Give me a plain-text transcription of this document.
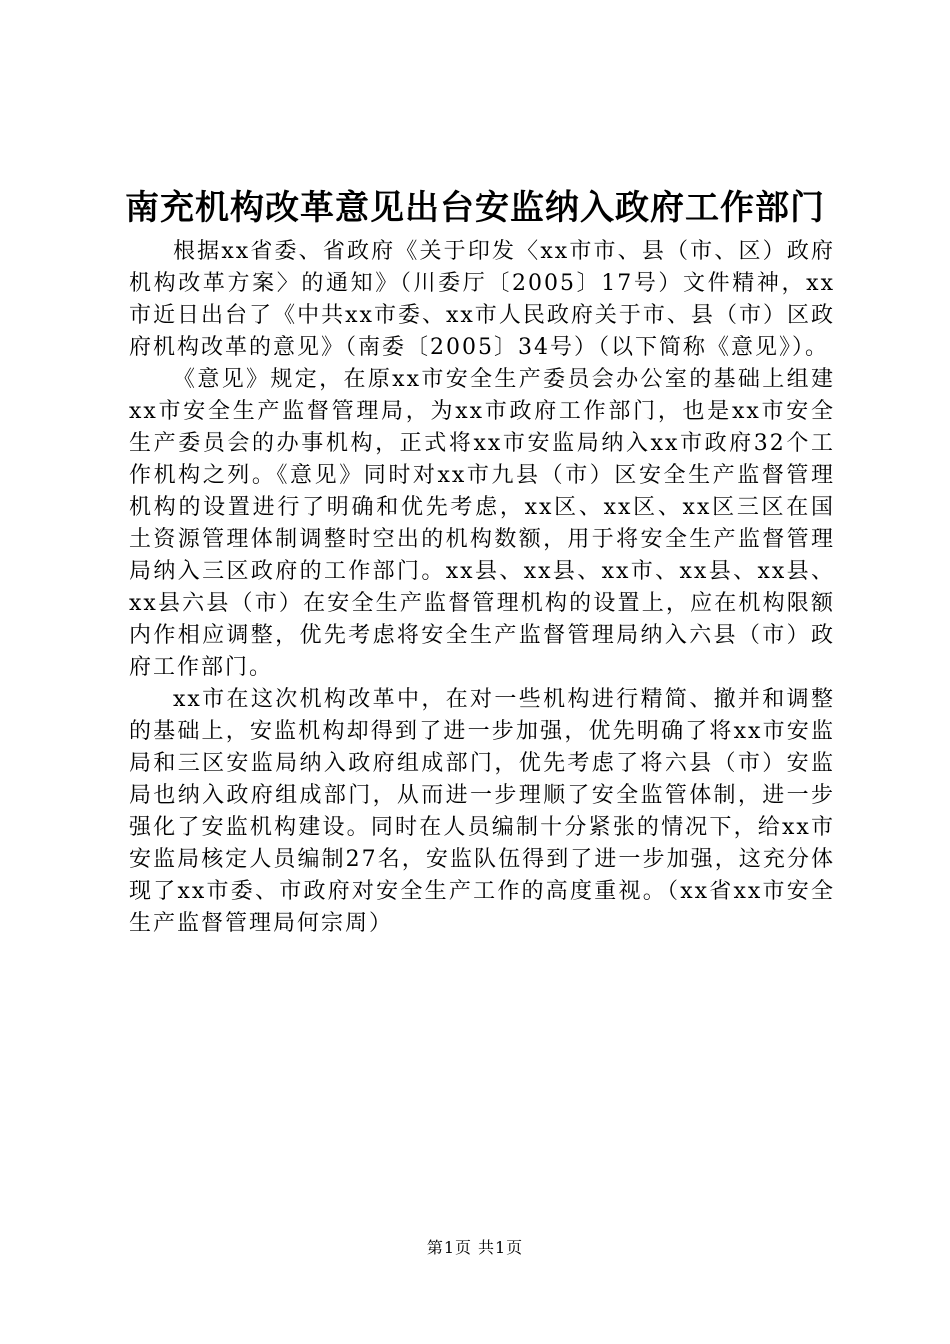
南充机构改革意见出台安监纳入政府工作部门

根据xx省委、省政府《关于印发〈xx市市、县（市、区）政府机构改革方案〉的通知》（川委厅〔2005〕17号）文件精神，xx市近日出台了《中共xx市委、xx市人民政府关于市、县（市）区政府机构改革的意见》（南委〔2005〕34号）（以下简称《意见》）。

《意见》规定，在原xx市安全生产委员会办公室的基础上组建xx市安全生产监督管理局，为xx市政府工作部门，也是xx市安全生产委员会的办事机构，正式将xx市安监局纳入xx市政府32个工作机构之列。《意见》同时对xx市九县（市）区安全生产监督管理机构的设置进行了明确和优先考虑，xx区、xx区、xx区三区在国土资源管理体制调整时空出的机构数额，用于将安全生产监督管理局纳入三区政府的工作部门。xx县、xx县、xx市、xx县、xx县、xx县六县（市）在安全生产监督管理机构的设置上，应在机构限额内作相应调整，优先考虑将安全生产监督管理局纳入六县（市）政府工作部门。

xx市在这次机构改革中，在对一些机构进行精简、撤并和调整的基础上，安监机构却得到了进一步加强，优先明确了将xx市安监局和三区安监局纳入政府组成部门，优先考虑了将六县（市）安监局也纳入政府组成部门，从而进一步理顺了安全监管体制，进一步强化了安监机构建设。同时在人员编制十分紧张的情况下，给xx市安监局核定人员编制27名，安监队伍得到了进一步加强，这充分体现了xx市委、市政府对安全生产工作的高度重视。（xx省xx市安全生产监督管理局何宗周）

第1页 共1页
